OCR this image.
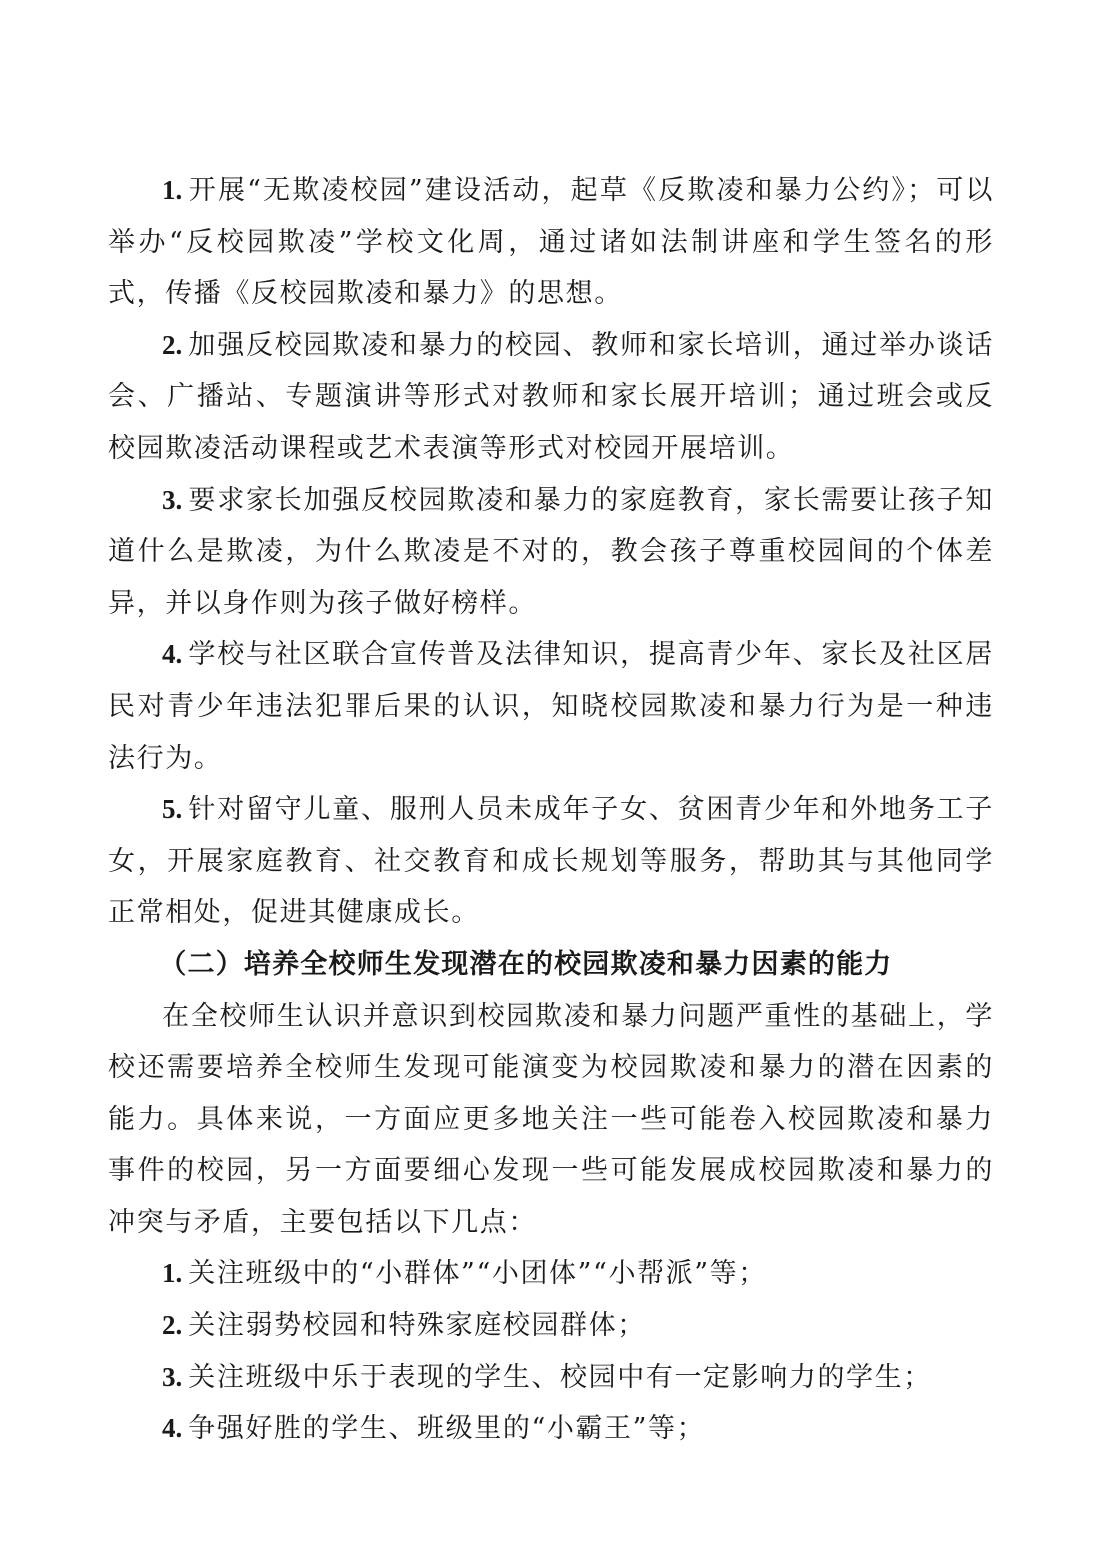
1. 开展“无欺凌校园”建设活动，起草《反欺凌和暴力公约》；可以举办“反校园欺凌”学校文化周，通过诸如法制讲座和学生签名的形式，传播《反校园欺凌和暴力》的思想。

2. 加强反校园欺凌和暴力的校园、教师和家长培训，通过举办谈话会、广播站、专题演讲等形式对教师和家长展开培训；通过班会或反校园欺凌活动课程或艺术表演等形式对校园开展培训。

3. 要求家长加强反校园欺凌和暴力的家庭教育，家长需要让孩子知道什么是欺凌，为什么欺凌是不对的，教会孩子尊重校园间的个体差异，并以身作则为孩子做好榜样。

4. 学校与社区联合宣传普及法律知识，提高青少年、家长及社区居民对青少年违法犯罪后果的认识，知晓校园欺凌和暴力行为是一种违法行为。

5. 针对留守儿童、服刑人员未成年子女、贫困青少年和外地务工子女，开展家庭教育、社交教育和成长规划等服务，帮助其与其他同学正常相处，促进其健康成长。

（二）培养全校师生发现潜在的校园欺凌和暴力因素的能力

在全校师生认识并意识到校园欺凌和暴力问题严重性的基础上，学校还需要培养全校师生发现可能演变为校园欺凌和暴力的潜在因素的能力。具体来说，一方面应更多地关注一些可能卷入校园欺凌和暴力事件的校园，另一方面要细心发现一些可能发展成校园欺凌和暴力的冲突与矛盾，主要包括以下几点：

1. 关注班级中的“小群体”“小团体”“小帮派”等；

2. 关注弱势校园和特殊家庭校园群体；

3. 关注班级中乐于表现的学生、校园中有一定影响力的学生；

4. 争强好胜的学生、班级里的“小霸王”等；
